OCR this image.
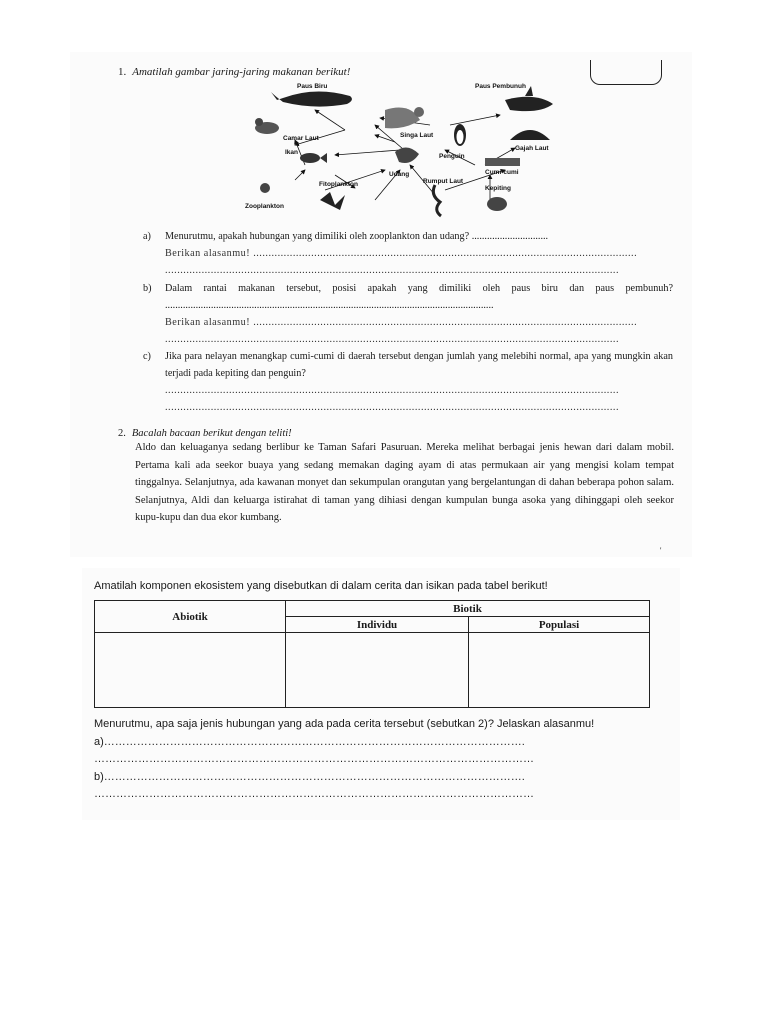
1. Amatilah gambar jaring-jaring makanan berikut!
Paus Biru	Paus Pembunuh
Camar Laut	Singa Laut
Penguin
Gajah Laut
Ikan
Udang	Cumi-cumi
Rumput Laut
Kepiting
Fitoplankton
Zooplankton
a) Menurutmu, apakah hubungan yang dimiliki oleh zooplankton dan udang? ..............................
Berikan alasanmu! ..............................................................................................................................
.....................................................................................................................................................
b) Dalam rantai makanan tersebut, posisi apakah yang dimiliki oleh paus biru dan paus pembunuh? .................................................................................................................................
Berikan alasanmu! ..............................................................................................................................
.....................................................................................................................................................
c) Jika para nelayan menangkap cumi-cumi di daerah tersebut dengan jumlah yang melebihi normal, apa yang mungkin akan terjadi pada kepiting dan penguin?
.....................................................................................................................................................
.....................................................................................................................................................
2. Bacalah bacaan berikut dengan teliti!
Aldo dan keluaganya sedang berlibur ke Taman Safari Pasuruan. Mereka melihat berbagai jenis hewan dari dalam mobil. Pertama kali ada seekor buaya yang sedang memakan daging ayam di atas permukaan air yang mengisi kolam tempat tinggalnya. Selanjutnya, ada kawanan monyet dan sekumpulan orangutan yang bergelantungan di dahan beberapa pohon salam. Selanjutnya, Aldi dan keluarga istirahat di taman yang dihiasi dengan kumpulan bunga asoka yang dihinggapi oleh seekor kupu-kupu dan dua ekor kumbang.
'
Amatilah komponen ekosistem yang disebutkan di dalam cerita dan isikan pada tabel berikut!
Abiotik	Biotik	
	Individu	Populasi

Menurutmu, apa saja jenis hubungan yang ada pada cerita tersebut (sebutkan 2)? Jelaskan alasanmu!
a)…………………………………………………………………………………………………….
…………………………………………………………………………………………………………
b)…………………………………………………………………………………………………….
…………………………………………………………………………………………………………
